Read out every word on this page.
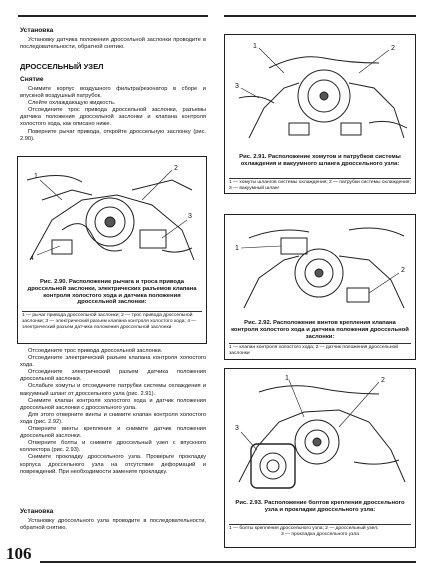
Установка

Установку датчика положения дроссельной заслонки проводите в последовательности, обратной снятию.

ДРОССЕЛЬНЫЙ УЗЕЛ
Снятие

Снимите корпус воздушного фильтра/резонатор в сборе и впускной воздушный патрубок.

Слейте охлаждающую жидкость.

Отсоедините трос привода дроссельной заслонки, разъемы датчика положения дроссельной заслонки и клапана контроля холостого хода, как описано ниже.

Поверните рычаг привода, откройте дроссельную заслонку (рис. 2.90).

1
2
3
4
Рис. 2.90. Расположение рычага и троса привода дроссельной заслонки, электрических разъемов клапана контроля холостого хода и датчика положения дроссельной заслонки:
1 — рычаг привода дроссельной заслонки; 2 — трос привода дроссельной заслонки; 3 — электрический разъем клапана контроля холостого хода; 4 — электрический разъем датчика положения дроссельной заслонки

Отсоедините трос привода дроссельной заслонки.

Отсоедините электрический разъем клапана контроля холостого хода.

Отсоедините электрический разъем датчика положения дроссельной заслонки.

Ослабьте хомуты и отсоедините патрубки системы охлаждения и вакуумный шланг от дроссельного узла (рис. 2.91).

Снимите клапан контроля холостого хода и датчик положения дроссельной заслонки с дроссельного узла.

Для этого отверните винты и снимите клапан контроля холостого хода (рис. 2.92).

Отверните винты крепления и снимите датчик положения дроссельной заслонки.

Отверните болты и снимите дроссельный узел с впускного коллектора (рис. 2.93).

Снимите прокладку дроссельного узла. Проверьте прокладку корпуса дроссельного узла на отсутствие деформаций и повреждений. При необходимости замените прокладку.

Установка

Установку дроссельного узла проводите в последовательности, обратной снятию.

106
1	2
3
Рис. 2.91. Расположение хомутов и патрубков системы охлаждения и вакуумного шланга дроссельного узла:
1 — хомуты шлангов системы охлаждения; 2 — патрубки системы охлаждения; 3 — вакуумный шланг
1
2
Рис. 2.92. Расположение винтов крепления клапана контроля холостого хода и датчика положения дроссельной заслонки:
1 — клапан контроля холостого хода; 2 — датчик положения дроссельной заслонки
1	2
3
Рис. 2.93. Расположение болтов крепления дроссельного узла и прокладки дроссельного узла:
1 — болты крепления дроссельного узла; 2 — дроссельный узел;
3 — прокладка дроссельного узла
